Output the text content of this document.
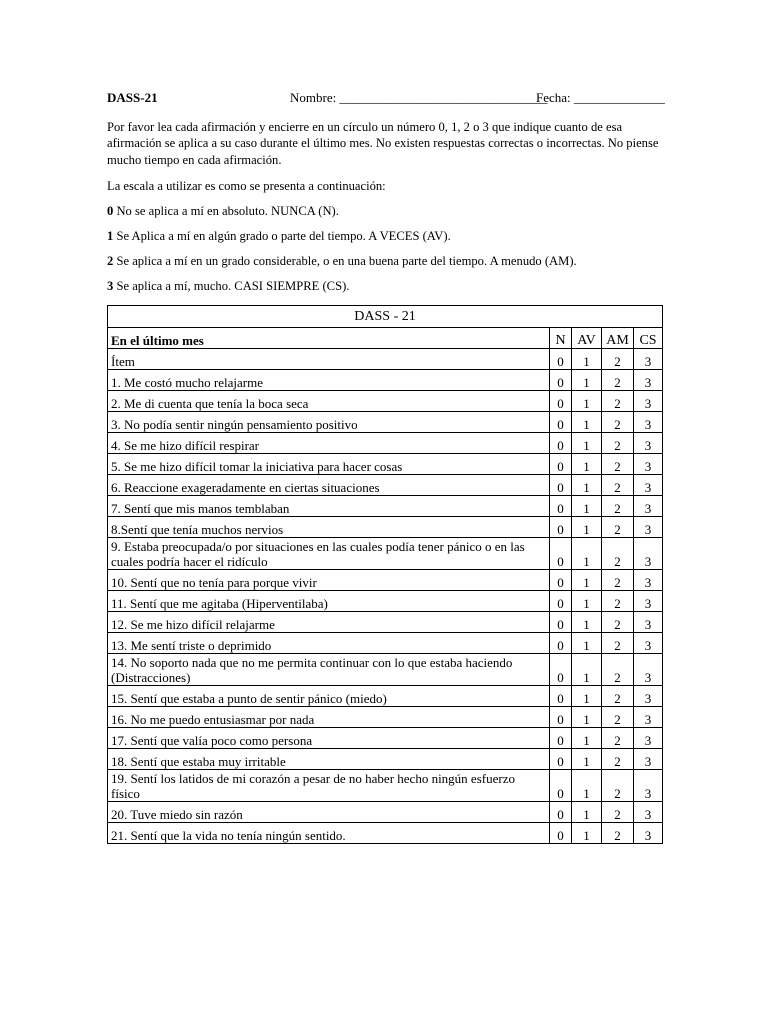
DASS-21	Nombre: ________________________________
Fecha: ______________
Por favor lea cada afirmación y encierre en un círculo un número 0, 1, 2 o 3 que indique cuanto de esa afirmación se aplica a su caso durante el último mes. No existen respuestas correctas o incorrectas. No piense mucho tiempo en cada afirmación.
La escala a utilizar es como se presenta a continuación:
0 No se aplica a mí en absoluto. NUNCA (N).
1 Se Aplica a mí en algún grado o parte del tiempo. A VECES (AV).
2 Se aplica a mí en un grado considerable, o en una buena parte del tiempo. A menudo (AM).
3 Se aplica a mí, mucho. CASI SIEMPRE (CS).
DASS - 21				
En el último mes	N	AV	AM	CS
Ítem	0	1	2	3
1. Me costó mucho relajarme	0	1	2	3
2. Me di cuenta que tenía la boca seca	0	1	2	3
3. No podía sentir ningún pensamiento positivo	0	1	2	3
4. Se me hizo difícil respirar	0	1	2	3
5. Se me hizo difícil tomar la iniciativa para hacer cosas	0	1	2	3
6. Reaccione exageradamente en ciertas situaciones	0	1	2	3
7. Sentí que mis manos temblaban	0	1	2	3
8.Sentí que tenía muchos nervios	0	1	2	3
9. Estaba preocupada/o por situaciones en las cuales podía tener pánico o en las cuales podría hacer el ridículo	0	1	2	3
10. Sentí que no tenía para porque vivir	0	1	2	3
11. Sentí que me agitaba (Hiperventilaba)	0	1	2	3
12. Se me hizo difícil relajarme	0	1	2	3
13. Me sentí triste o deprimido	0	1	2	3
14. No soporto nada que no me permita continuar con lo que estaba haciendo (Distracciones)	0	1	2	3
15. Sentí que estaba a punto de sentir pánico (miedo)	0	1	2	3
16. No me puedo entusiasmar por nada	0	1	2	3
17. Sentí que valía poco como persona	0	1	2	3
18. Sentí que estaba muy irritable	0	1	2	3
19. Sentí los latidos de mi corazón a pesar de no haber hecho ningún esfuerzo físico	0	1	2	3
20. Tuve miedo sin razón	0	1	2	3
21. Sentí que la vida no tenía ningún sentido.	0	1	2	3
